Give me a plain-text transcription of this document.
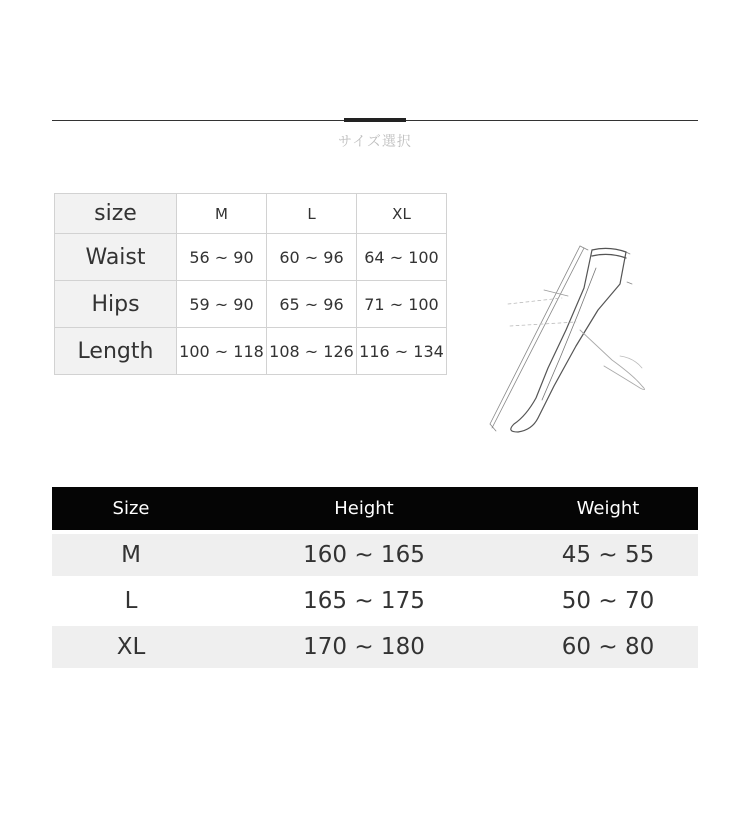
サイズ選択
size	M	L	XL
Waist	56 ~ 90	60 ~ 96	64 ~ 100
Hips	59 ~ 90	65 ~ 96	71 ~ 100
Length	100 ~ 118	108 ~ 126	116 ~ 134
Size	Height	Weight
M	160 ~ 165	45 ~ 55
L	165 ~ 175	50 ~ 70
XL	170 ~ 180	60 ~ 80
